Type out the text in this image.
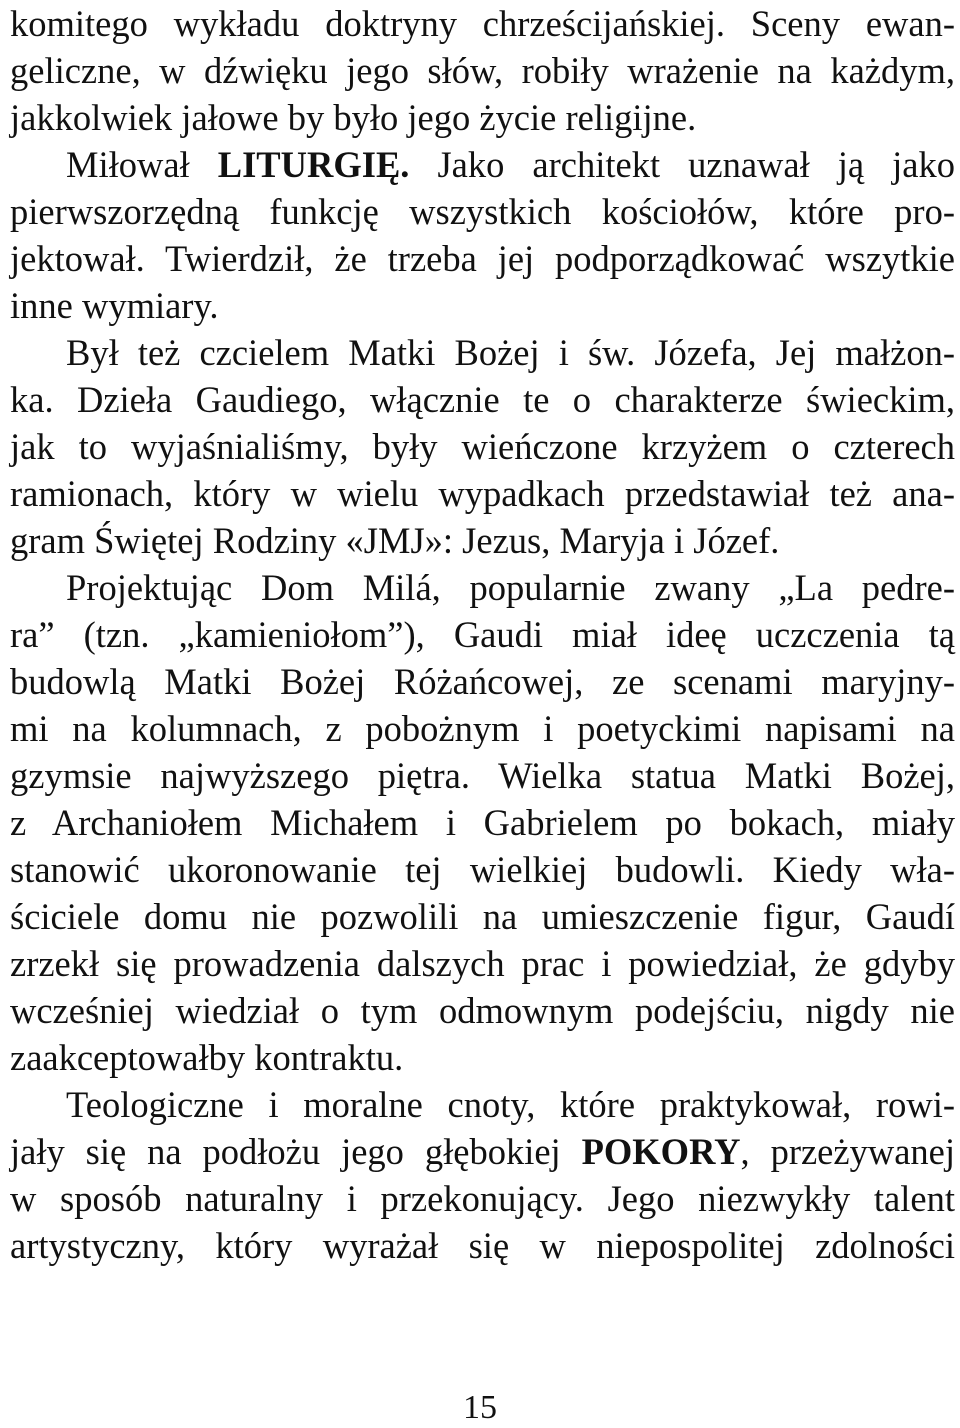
komitego wykładu doktryny chrześcijańskiej. Sceny ewan-
geliczne, w dźwięku jego słów, robiły wrażenie na każdym,
jakkolwiek jałowe by było jego życie religijne.
Miłował LITURGIĘ. Jako architekt uznawał ją jako
pierwszorzędną funkcję wszystkich kościołów, które pro-
jektował. Twierdził, że trzeba jej podporządkować wszytkie
inne wymiary.
Był też czcielem Matki Bożej i św. Józefa, Jej małżon-
ka. Dzieła Gaudiego, włącznie te o charakterze świeckim,
jak to wyjaśnialiśmy, były wieńczone krzyżem o czterech
ramionach, który w wielu wypadkach przedstawiał też ana-
gram Świętej Rodziny «JMJ»: Jezus, Maryja i Józef.
Projektując Dom Milá, popularnie zwany „La pedre-
ra” (tzn. „kamieniołom”), Gaudi miał ideę uczczenia tą
budowlą Matki Bożej Różańcowej, ze scenami maryjny-
mi na kolumnach, z pobożnym i poetyckimi napisami na
gzymsie najwyższego piętra. Wielka statua Matki Bożej,
z Archaniołem Michałem i Gabrielem po bokach, miały
stanowić ukoronowanie tej wielkiej budowli. Kiedy wła-
ściciele domu nie pozwolili na umieszczenie figur, Gaudí
zrzekł się prowadzenia dalszych prac i powiedział, że gdyby
wcześniej wiedział o tym odmownym podejściu, nigdy nie
zaakceptowałby kontraktu.
Teologiczne i moralne cnoty, które praktykował, rowi-
jały się na podłożu jego głębokiej POKORY, przeżywanej
w sposób naturalny i przekonujący. Jego niezwykły talent
artystyczny, który wyrażał się w niepospolitej zdolności
15
